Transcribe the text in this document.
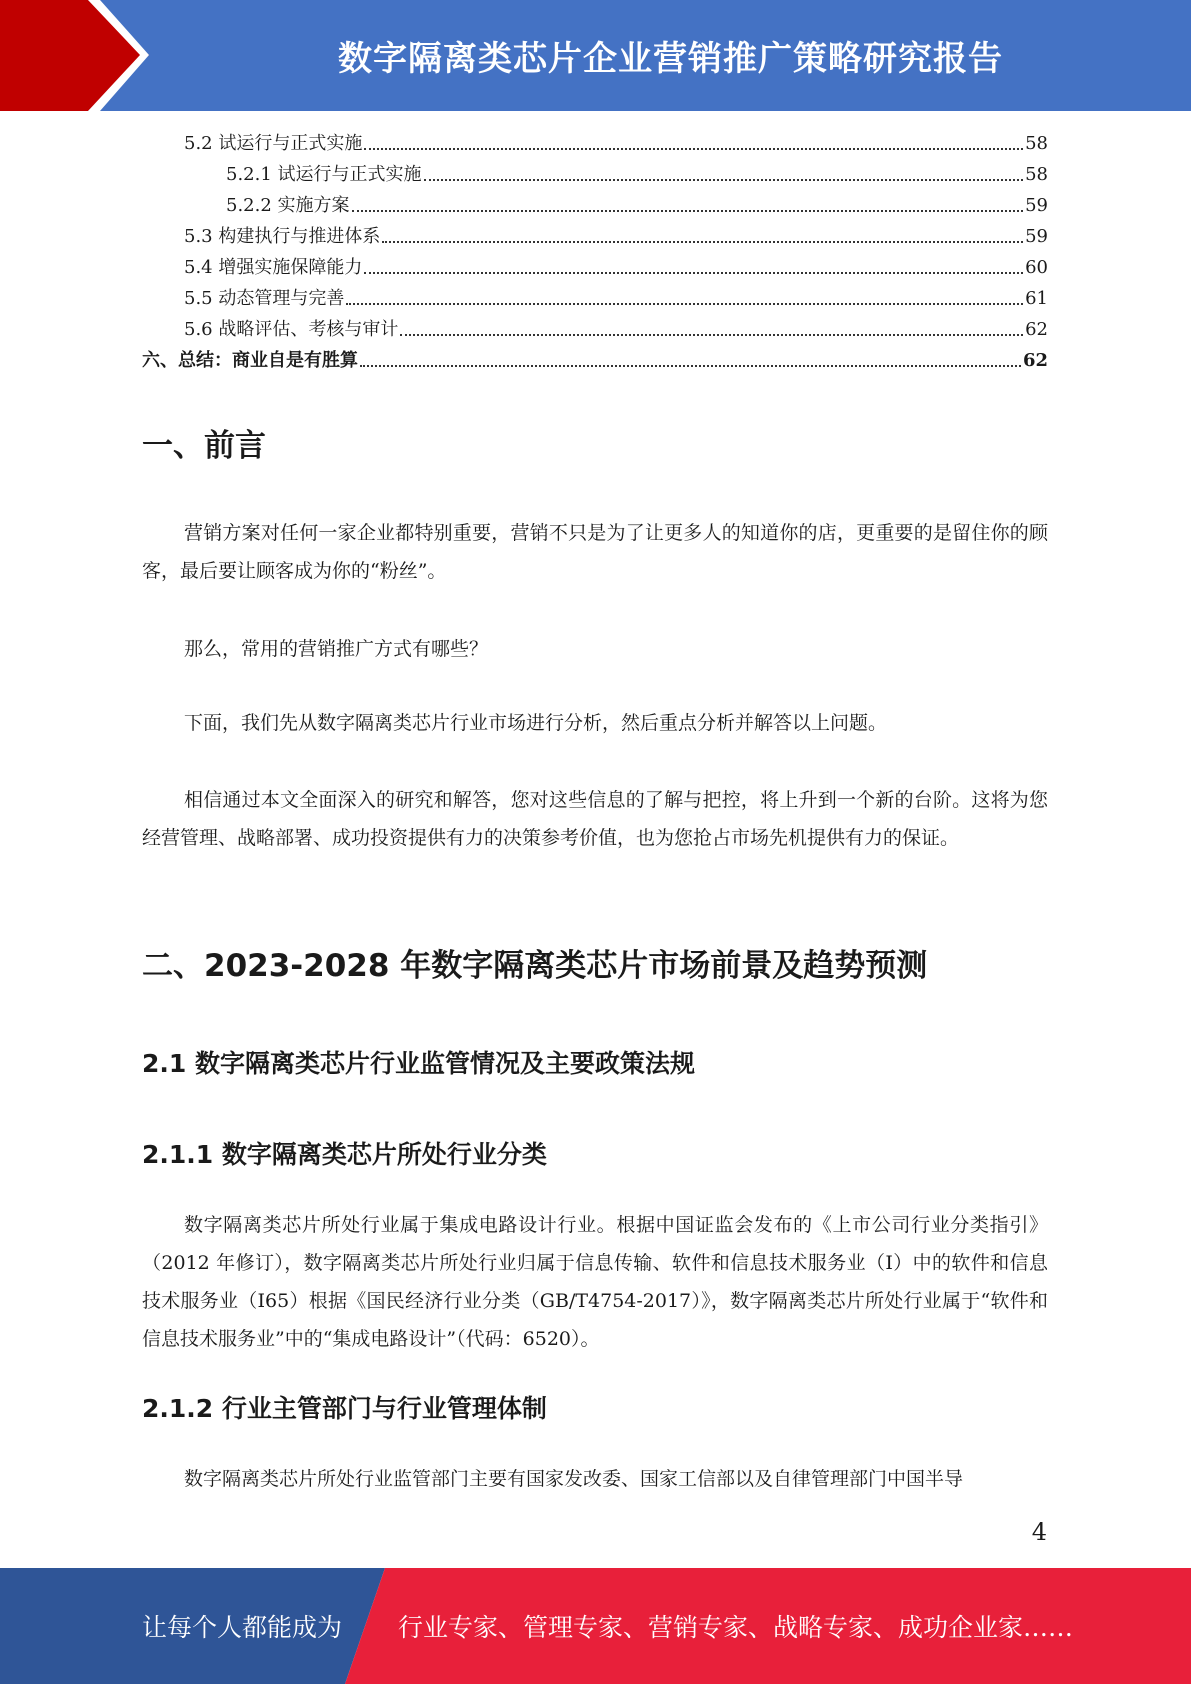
数字隔离类芯片企业营销推广策略研究报告
5.2 试运行与正式实施	58
5.2.1 试运行与正式实施	58
5.2.2 实施方案	59
5.3 构建执行与推进体系	59
5.4 增强实施保障能力	60
5.5 动态管理与完善	61
5.6 战略评估、考核与审计	62
六、总结：商业自是有胜算	62
一、前言

营销方案对任何一家企业都特别重要，营销不只是为了让更多人的知道你的店，更重要的是留住你的顾客，最后要让顾客成为你的“粉丝”。

那么，常用的营销推广方式有哪些？

下面，我们先从数字隔离类芯片行业市场进行分析，然后重点分析并解答以上问题。

相信通过本文全面深入的研究和解答，您对这些信息的了解与把控，将上升到一个新的台阶。这将为您经营管理、战略部署、成功投资提供有力的决策参考价值，也为您抢占市场先机提供有力的保证。

二、2023-2028 年数字隔离类芯片市场前景及趋势预测
2.1 数字隔离类芯片行业监管情况及主要政策法规
2.1.1 数字隔离类芯片所处行业分类

数字隔离类芯片所处行业属于集成电路设计行业。根据中国证监会发布的《上市公司行业分类指引》（2012 年修订），数字隔离类芯片所处行业归属于信息传输、软件和信息技术服务业（I）中的软件和信息技术服务业（I65）根据《国民经济行业分类（GB/T4754-2017）》，数字隔离类芯片所处行业属于“软件和信息技术服务业”中的“集成电路设计”（代码：6520）。

2.1.2 行业主管部门与行业管理体制

数字隔离类芯片所处行业监管部门主要有国家发改委、国家工信部以及自律管理部门中国半导

4
让每个人都能成为 行业专家、管理专家、营销专家、战略专家、成功企业家……
